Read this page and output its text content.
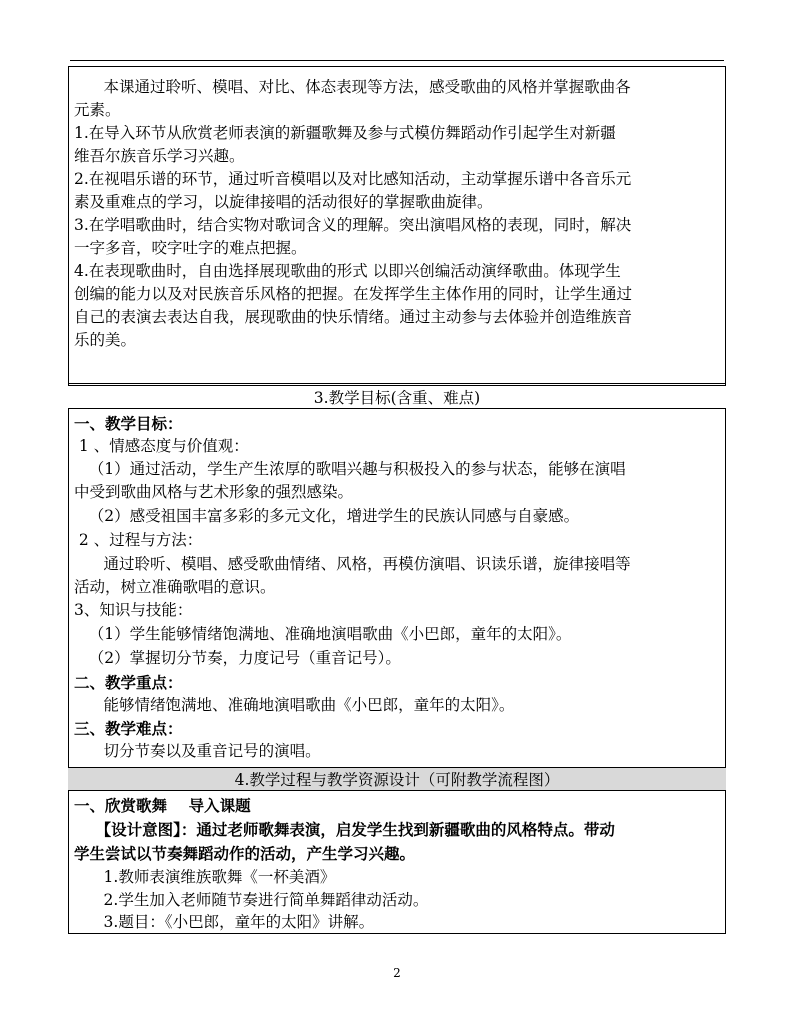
本课通过聆听、模唱、对比、体态表现等方法，感受歌曲的风格并掌握歌曲各
元素。
1.在导入环节从欣赏老师表演的新疆歌舞及参与式模仿舞蹈动作引起学生对新疆
维吾尔族音乐学习兴趣。
2.在视唱乐谱的环节，通过听音模唱以及对比感知活动，主动掌握乐谱中各音乐元
素及重难点的学习，以旋律接唱的活动很好的掌握歌曲旋律。
3.在学唱歌曲时，结合实物对歌词含义的理解。突出演唱风格的表现，同时，解决
一字多音，咬字吐字的难点把握。
4.在表现歌曲时，自由选择展现歌曲的形式 以即兴创编活动演绎歌曲。体现学生
创编的能力以及对民族音乐风格的把握。在发挥学生主体作用的同时，让学生通过
自己的表演去表达自我，展现歌曲的快乐情绪。通过主动参与去体验并创造维族音
乐的美。
3.教学目标(含重、难点)
一、教学目标：
1 、情感态度与价值观：
（1）通过活动，学生产生浓厚的歌唱兴趣与积极投入的参与状态，能够在演唱
中受到歌曲风格与艺术形象的强烈感染。
（2）感受祖国丰富多彩的多元文化，增进学生的民族认同感与自豪感。
2 、过程与方法：
通过聆听、模唱、感受歌曲情绪、风格，再模仿演唱、识读乐谱，旋律接唱等
活动，树立准确歌唱的意识。
3、知识与技能：
（1）学生能够情绪饱满地、准确地演唱歌曲《小巴郎，童年的太阳》。
（2）掌握切分节奏，力度记号（重音记号）。
二、教学重点：
能够情绪饱满地、准确地演唱歌曲《小巴郎，童年的太阳》。
三、教学难点：
切分节奏以及重音记号的演唱。
4.教学过程与教学资源设计（可附教学流程图）
一、欣赏歌舞    导入课题
【设计意图】：通过老师歌舞表演，启发学生找到新疆歌曲的风格特点。带动
学生尝试以节奏舞蹈动作的活动，产生学习兴趣。
1.教师表演维族歌舞《一杯美酒》
2.学生加入老师随节奏进行简单舞蹈律动活动。
3.题目：《小巴郎，童年的太阳》讲解。
2
